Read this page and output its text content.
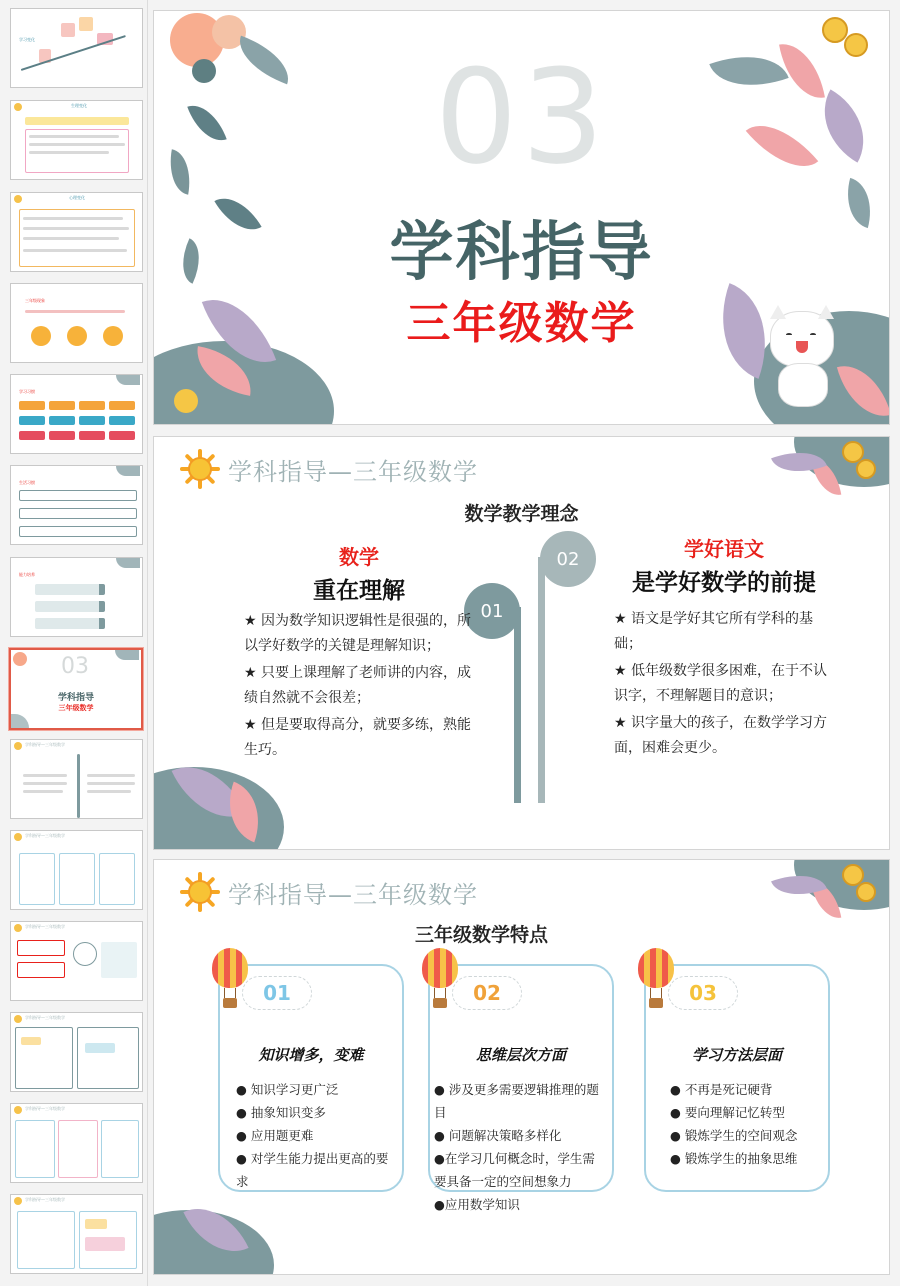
学习变化
生理变化
心理变化
三年级现象
学习习惯
生活习惯
能力培养
03
学科指导
三年级数学
学科指导—三年级数学
学科指导—三年级数学
学科指导—三年级数学
学科指导—三年级数学
学科指导—三年级数学
学科指导—三年级数学
03
学科指导
三年级数学
学科指导—三年级数学
数学教学理念
01
02
数学
重在理解

★ 因为数学知识逻辑性是很强的，所以学好数学的关键是理解知识；

★ 只要上课理解了老师讲的内容，成绩自然就不会很差；

★ 但是要取得高分，就要多练，熟能生巧。

学好语文
是学好数学的前提

★ 语文是学好其它所有学科的基础；

★ 低年级数学很多困难，在于不认识字，不理解题目的意识；

★ 识字量大的孩子，在数学学习方面，困难会更少。

学科指导—三年级数学
三年级数学特点
01
知识增多，变难
● 知识学习更广泛
● 抽象知识变多
● 应用题更难
● 对学生能力提出更高的要求
02
思维层次方面
● 涉及更多需要逻辑推理的题目
● 问题解决策略多样化
●在学习几何概念时，学生需要具备一定的空间想象力
●应用数学知识
03
学习方法层面
● 不再是死记硬背
● 要向理解记忆转型
● 锻炼学生的空间观念
● 锻炼学生的抽象思维
